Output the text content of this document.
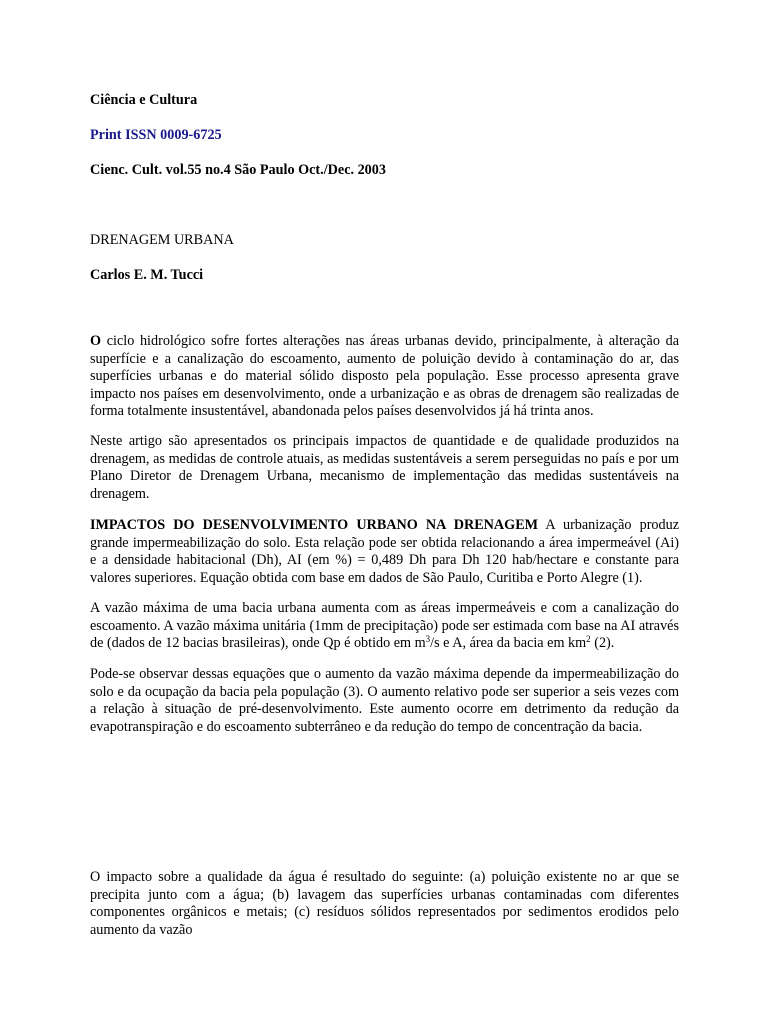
Ciência e Cultura

Print ISSN 0009-6725

Cienc. Cult. vol.55 no.4 São Paulo Oct./Dec. 2003

DRENAGEM URBANA

Carlos E. M. Tucci

O ciclo hidrológico sofre fortes alterações nas áreas urbanas devido, principalmente, à alteração da superfície e a canalização do escoamento, aumento de poluição devido à contaminação do ar, das superfícies urbanas e do material sólido disposto pela população. Esse processo apresenta grave impacto nos países em desenvolvimento, onde a urbanização e as obras de drenagem são realizadas de forma totalmente insustentável, abandonada pelos países desenvolvidos já há trinta anos.

Neste artigo são apresentados os principais impactos de quantidade e de qualidade produzidos na drenagem, as medidas de controle atuais, as medidas sustentáveis a serem perseguidas no país e por um Plano Diretor de Drenagem Urbana, mecanismo de implementação das medidas sustentáveis na drenagem.

IMPACTOS DO DESENVOLVIMENTO URBANO NA DRENAGEM A urbanização produz grande impermeabilização do solo. Esta relação pode ser obtida relacionando a área impermeável (Ai) e a densidade habitacional (Dh), AI (em %) = 0,489 Dh para Dh 120 hab/hectare e constante para valores superiores. Equação obtida com base em dados de São Paulo, Curitiba e Porto Alegre (1).

A vazão máxima de uma bacia urbana aumenta com as áreas impermeáveis e com a canalização do escoamento. A vazão máxima unitária (1mm de precipitação) pode ser estimada com base na AI através de (dados de 12 bacias brasileiras), onde Qp é obtido em $m^3/s$ e A, área da bacia em $km^2$ (2).

Pode-se observar dessas equações que o aumento da vazão máxima depende da impermeabilização do solo e da ocupação da bacia pela população (3). O aumento relativo pode ser superior a seis vezes com a relação à situação de pré-desenvolvimento. Este aumento ocorre em detrimento da redução da evapotranspiração e do escoamento subterrâneo e da redução do tempo de concentração da bacia.

O impacto sobre a qualidade da água é resultado do seguinte: (a) poluição existente no ar que se precipita junto com a água; (b) lavagem das superfícies urbanas contaminadas com diferentes componentes orgânicos e metais; (c) resíduos sólidos representados por sedimentos erodidos pelo aumento da vazão
